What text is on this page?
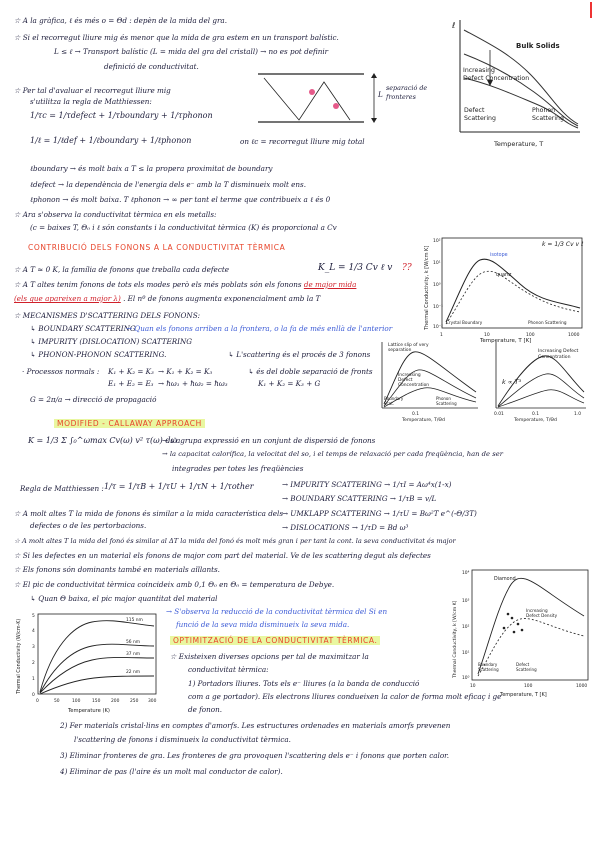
☆ A la gràfica, ℓ és més o = Θd : depèn de la mida del gra.
☆ Si el recorregut lliure mig és menor que la mida de gra estem en un transport balístic.
L ≤ ℓ → Transport balístic (L = mida del gra del cristall) → no es pot definir
definició de conductivitat.
☆ Per tal d'avaluar el recorregut lliure mig
s'utilitza la regla de Matthiessen:
1/τc = 1/τdefect + 1/τboundary + 1/τphonon
1/ℓ = 1/ℓdef + 1/ℓboundary + 1/ℓphonon	on ℓc = recorregut lliure mig total
ℓboundary → és molt baix a T ≤ la propera proximitat de boundary
ℓdefect → la dependència de l'energia dels e⁻ amb la T disminueix molt ens.
ℓphonon → és molt baixa. T ℓphonon → ∞ per tant el terme que contribueix a ℓ és 0
L
separació de fronteres
☆ Ara s'observa la conductivitat tèrmica en els metalls:
(c = baixes T, Θ₀ i ℓ són constants i la conductivitat tèrmica (K) és proporcional a Cv
CONTRIBUCIÓ DELS FONONS A LA CONDUCTIVITAT TÈRMICA
☆ A T ≈ 0 K, la família de fonons que treballa cada defecte	K_L = 1/3 Cv ℓ v ??
☆ A T altes tenim fonons de tots els modes però els més poblats són els fonons de major mida
(els que apareixen a major λ) . El nº de fonons augmenta exponencialment amb la T
☆ MECANISMES D'SCATTERING DELS FONONS:
↳ BOUNDARY SCATTERING
→ Quan els fonons arriben a la frontera, o la fa de més enllà de l'anterior
↳ IMPURITY (DISLOCATION) SCATTERING
↳ PHONON-PHONON SCATTERING.	↳ L'scattering és el procés de 3 fonons
· Processos normals : K₁ + K₂ = K₃
E₁ + E₂ = E₃
→ K₁ + K₂ = K₃
→ ħω₁ + ħω₂ = ħω₃
↳ és del doble separació de fronts
K₁ + K₂ = K₃ + G
G = 2π/a → direcció de propagació
MODIFIED - CALLAWAY APPROACH
K = 1/3 Σ ∫₀^ωmax Cv(ω) v² τ(ω) dω
→ s'agrupa expressió en un conjunt de dispersió de fonons
→ la capacitat calorífica, la velocitat del so, i el temps de relaxació per cada freqüència, han de ser
integrades per totes les freqüències
Regla de Matthiessen : 1/τ = 1/τB + 1/τU + 1/τN + 1/τother	→ IMPURITY SCATTERING → 1/τI = Aω⁴x(1-x)
→ BOUNDARY SCATTERING → 1/τB = v/L
☆ A molt altes T la mida de fonons és similar a la mida característica dels
defectes o de les pertorbacions.
→ UMKLAPP SCATTERING → 1/τU = Bω²T e^(-Θ/3T)
→ DISLOCATIONS → 1/τD = Bd ω³
☆ A molt altes T la mida del fonó és similar al ΔT la mida del fonó és molt més gran i per tant la cont. la seva conductivitat és major
☆ Si les defectes en un material els fonons de major com part del material. Ve de les scattering degut als defectes
☆ Els fonons són dominants també en materials aïllants.
☆ El pic de conductivitat tèrmica coincideix amb 0,1 Θ₀ en Θ₀ = temperatura de Debye.
↳ Quan Θ baixa, el pic major quantitat del material
→ S'observa la reducció de la conductivitat tèrmica del Si en
funció de la seva mida disminueix la seva mida.
OPTIMITZACIÓ DE LA CONDUCTIVITAT TÈRMICA.
☆ Existeixen diverses opcions per tal de maximitzar la
conductivitat tèrmica:
1) Portadors lliures. Tots els e⁻ lliures (a la banda de conducció
com a ge portador). Els electrons lliures condueixen la calor de forma molt eficaç i ge
de fonon.
2) Fer materials cristal·lins en comptes d'amorfs. Les estructures ordenades en materials amorfs prevenen
l'scattering de fonons i disminueix la conductivitat tèrmica.
3) Eliminar fronteres de gra. Les fronteres de gra provoquen l'scattering dels e⁻ i fonons que porten calor.
4) Eliminar de pas (l'aire és un molt mal conductor de calor).
ℓ
Bulk Solids
Increasing
Defect Concentration
Defect
Scattering
Phonon
Scattering
Temperature, T
Thermal Conductivity, k [W/cm K]
Temperature, T [K]
k = 1/3 Cv v ℓ
isotope
quartz
Crystal Boundary	Phonon Scattering
1	10	100	1000
10²
10¹
10⁰
10⁻¹
10⁻²
Lattice slip of very
separation
Increasing
Defect
Concentration
Boundary
Scat.
Phonon
Scattering
0.1
Temperature, T/Θd
Increasing Defect
Concentration
k ∝ T³
0.01	0.1	1.0
Temperature, T/Θd
Thermal Conductivity (W/cm-K)
Temperature (K)
115 nm
56 nm
37 nm
22 nm
0	50	100	150 200 250 300
0
1
2
3
4
5	Thermal Conductivity, k [W/cm K]
Temperature, T [K]
Diamond
Increasing
Defect Density
Boundary
Scattering
Defect
Scattering
10	100	1000
10⁴
10³
10²
10¹
10⁰
